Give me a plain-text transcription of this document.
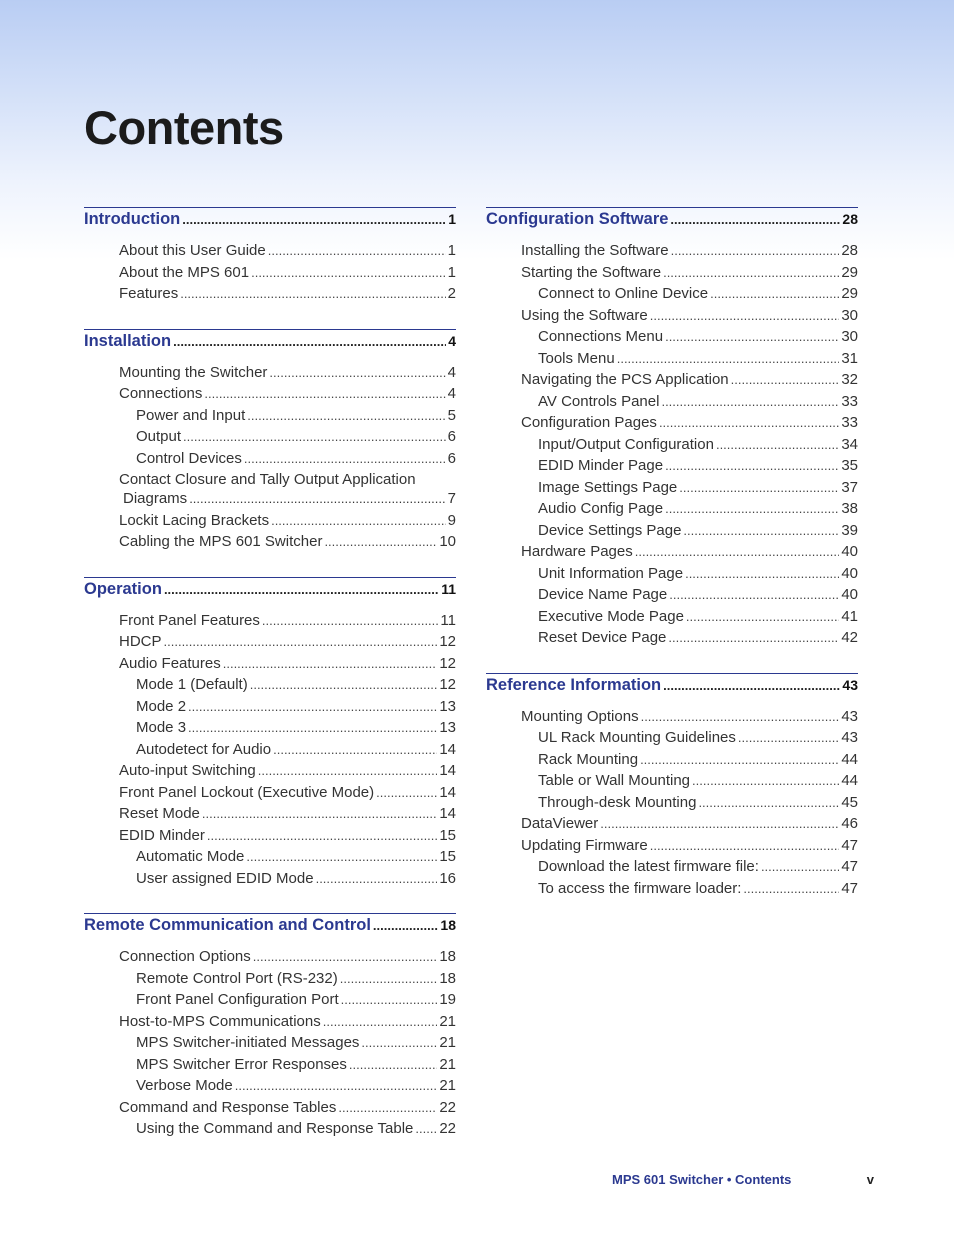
Contents
Introduction .....	1
About this User Guide .....	1
About the MPS 601 .....	1
Features .....	2
Installation .....	4
Mounting the Switcher .....	4
Connections .....	4
Power and Input .....	5
Output .....	6
Control Devices .....	6
Contact Closure and Tally Output Application
Diagrams .....	7
Lockit Lacing Brackets .....	9
Cabling the MPS 601 Switcher .....	10
Operation .....	11
Front Panel Features .....	11
HDCP .....	12
Audio Features .....	12
Mode 1 (Default) .....	12
Mode 2 .....	13
Mode 3 .....	13
Autodetect for Audio .....	14
Auto-input Switching .....	14
Front Panel Lockout (Executive Mode) .....	14
Reset Mode .....	14
EDID Minder .....	15
Automatic Mode .....	15
User assigned EDID Mode .....	16
Remote Communication and Control .....	18
Connection Options .....	18
Remote Control Port (RS-232) .....	18
Front Panel Configuration Port .....	19
Host-to-MPS Communications .....	21
MPS Switcher-initiated Messages .....	21
MPS Switcher Error Responses .....	21
Verbose Mode .....	21
Command and Response Tables .....	22
Using the Command and Response Table ..... 22
Configuration Software .....	28
Installing the Software .....	28
Starting the Software .....	29
Connect to Online Device .....	29
Using the Software .....	30
Connections Menu .....	30
Tools Menu .....	31
Navigating the PCS Application .....	32
AV Controls Panel .....	33
Configuration Pages .....	33
Input/Output Configuration .....	34
EDID Minder Page .....	35
Image Settings Page .....	37
Audio Config Page .....	38
Device Settings Page .....	39
Hardware Pages .....	40
Unit Information Page .....	40
Device Name Page .....	40
Executive Mode Page .....	41
Reset Device Page .....	42
Reference Information .....	43
Mounting Options .....	43
UL Rack Mounting Guidelines .....	43
Rack Mounting .....	44
Table or Wall Mounting .....	44
Through-desk Mounting .....	45
DataViewer .....	46
Updating Firmware .....	47
Download the latest firmware file: .....	47
To access the firmware loader: .....	47
MPS 601 Switcher • Contents	v
